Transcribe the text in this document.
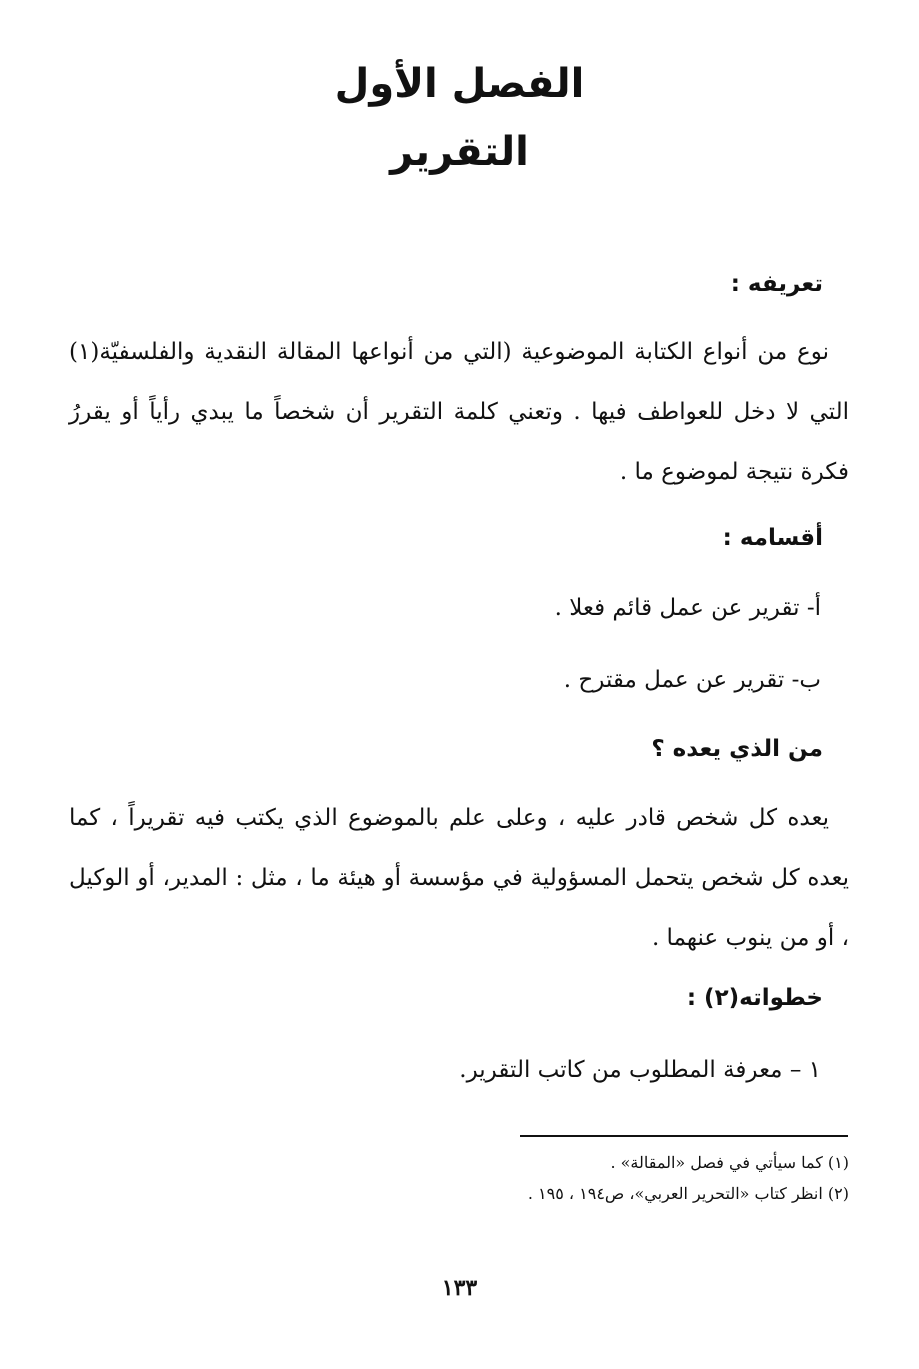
الفصل الأول
التقرير
تعريفه :
نوع من أنواع الكتابة الموضوعية (التي من أنواعها المقالة النقدية والفلسفيّة(١) التي لا دخل للعواطف فيها . وتعني كلمة التقرير أن شخصاً ما يبدي رأياً أو يقررُ فكرة نتيجة لموضوع ما .
أقسامه :
أ- تقرير عن عمل قائم فعلا .
ب- تقرير عن عمل مقترح .
من الذي يعده ؟
يعده كل شخص قادر عليه ، وعلى علم بالموضوع الذي يكتب فيه تقريراً ، كما يعده كل شخص يتحمل المسؤولية في مؤسسة أو هيئة ما ، مثل : المدير، أو الوكيل ، أو من ينوب عنهما .
خطواته(٢) :
١ – معرفة المطلوب من كاتب التقرير.
(١) كما سيأتي في فصل «المقالة» .
(٢) انظر كتاب «التحرير العربي»، ص١٩٤ ، ١٩٥ .
١٣٣
